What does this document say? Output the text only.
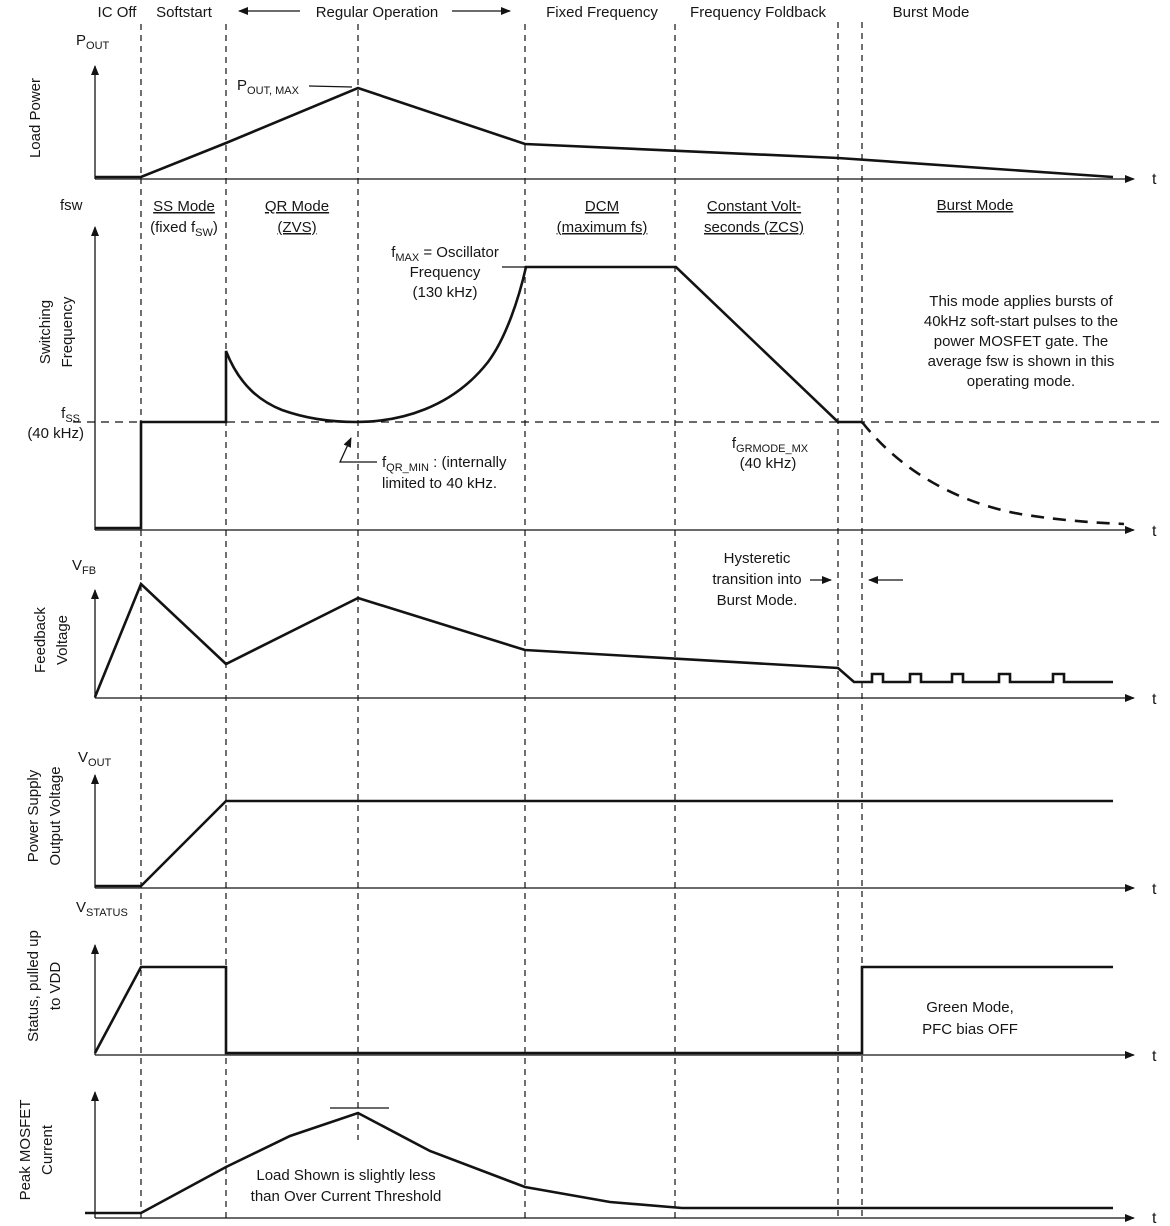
IC Off Softstart	Regular Operation	Fixed Frequency Frequency Foldback	Burst Mode
$P_{OUT}$
Load Power
t
$P_{OUT, MAX}$
fsw
Switching Frequency
t
SS Mode
(fixed $f_{SW}$)
QR Mode
(ZVS)
DCM
(maximum fs)
Constant Volt-
seconds (ZCS)
Burst Mode
$f_{MAX}$ = Oscillator
Frequency
(130 kHz)
$f_{SS}$
(40 kHz)
$f_{QR\_MIN}$ : (internally
limited to 40 kHz.
$f_{GRMODE\_MX}$
(40 kHz)
This mode applies bursts of
40kHz soft-start pulses to the
power MOSFET gate. The
average fsw is shown in this
operating mode.
$V_{FB}$
Feedback Voltage
t
Hysteretic
transition into
Burst Mode.
$V_{OUT}$
Power Supply Output Voltage
t
$V_{STATUS}$
Status, pulled up to VDD
t
Green Mode,
PFC bias OFF
Peak MOSFET Current
t
Load Shown is slightly less
than Over Current Threshold
